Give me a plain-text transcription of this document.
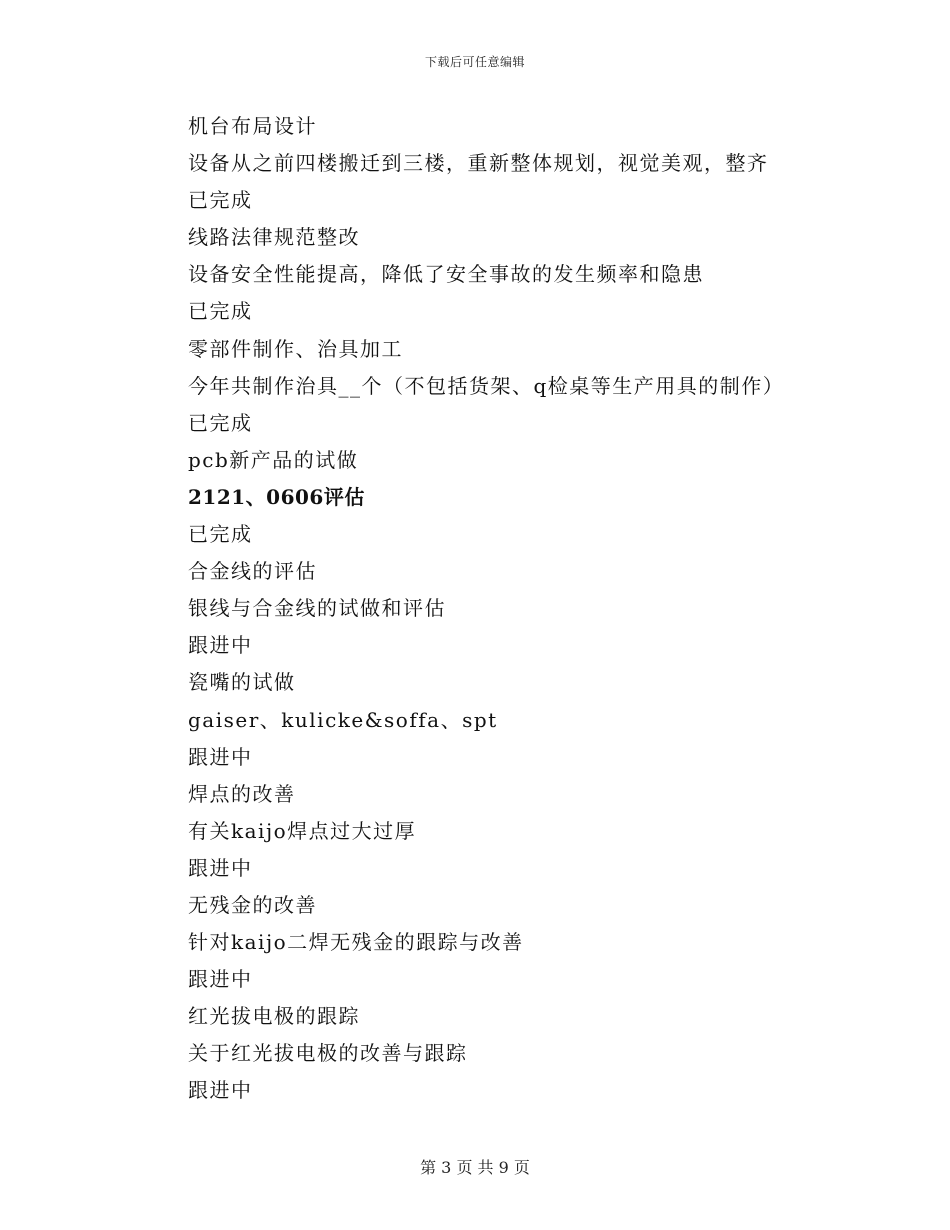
下载后可任意编辑
机台布局设计
设备从之前四楼搬迁到三楼，重新整体规划，视觉美观，整齐
已完成
线路法律规范整改
设备安全性能提高，降低了安全事故的发生频率和隐患
已完成
零部件制作、治具加工
今年共制作治具__个（不包括货架、q检桌等生产用具的制作）
已完成
pcb新产品的试做
2121、0606评估
已完成
合金线的评估
银线与合金线的试做和评估
跟进中
瓷嘴的试做
gaiser、kulicke&soffa、spt
跟进中
焊点的改善
有关kaijo焊点过大过厚
跟进中
无残金的改善
针对kaijo二焊无残金的跟踪与改善
跟进中
红光拔电极的跟踪
关于红光拔电极的改善与跟踪
跟进中
第 3 页 共 9 页
